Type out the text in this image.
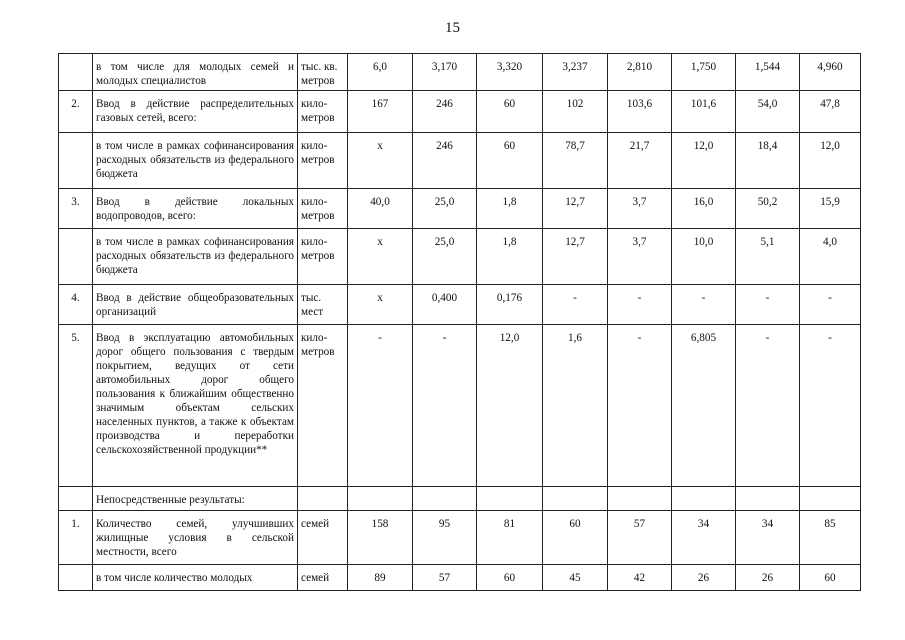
15
	в том числе для молодых семей и молодых специалистов	тыс. кв. метров	6,0	3,170	3,320	3,237	2,810	1,750	1,544	4,960
2.	Ввод в действие распределительных газовых сетей, всего:	кило-метров	167	246	60	102	103,6	101,6	54,0	47,8
	в том числе в рамках софинансирования расходных обязательств из федерального бюджета	кило-метров	х	246	60	78,7	21,7	12,0	18,4	12,0
3.	Ввод в действие локальных водопроводов, всего:	кило-метров	40,0	25,0	1,8	12,7	3,7	16,0	50,2	15,9
	в том числе в рамках софинансирования расходных обязательств из федерального бюджета	кило-метров	х	25,0	1,8	12,7	3,7	10,0	5,1	4,0
4.	Ввод в действие общеобразовательных организаций	тыс. мест	х	0,400	0,176	-	-	-	-	-
5.	Ввод в эксплуатацию автомобильных дорог общего пользования с твердым покрытием, ведущих от сети автомобильных дорог общего пользования к ближайшим общественно значимым объектам сельских населенных пунктов, а также к объектам производства и переработки сельскохозяйственной продукции**	кило-метров	-	-	12,0	1,6	-	6,805	-	-
	Непосредственные результаты:									
1.	Количество семей, улучшивших жилищные условия в сельской местности, всего	семей	158	95	81	60	57	34	34	85
	в том числе количество молодых	семей	89	57	60	45	42	26	26	60
